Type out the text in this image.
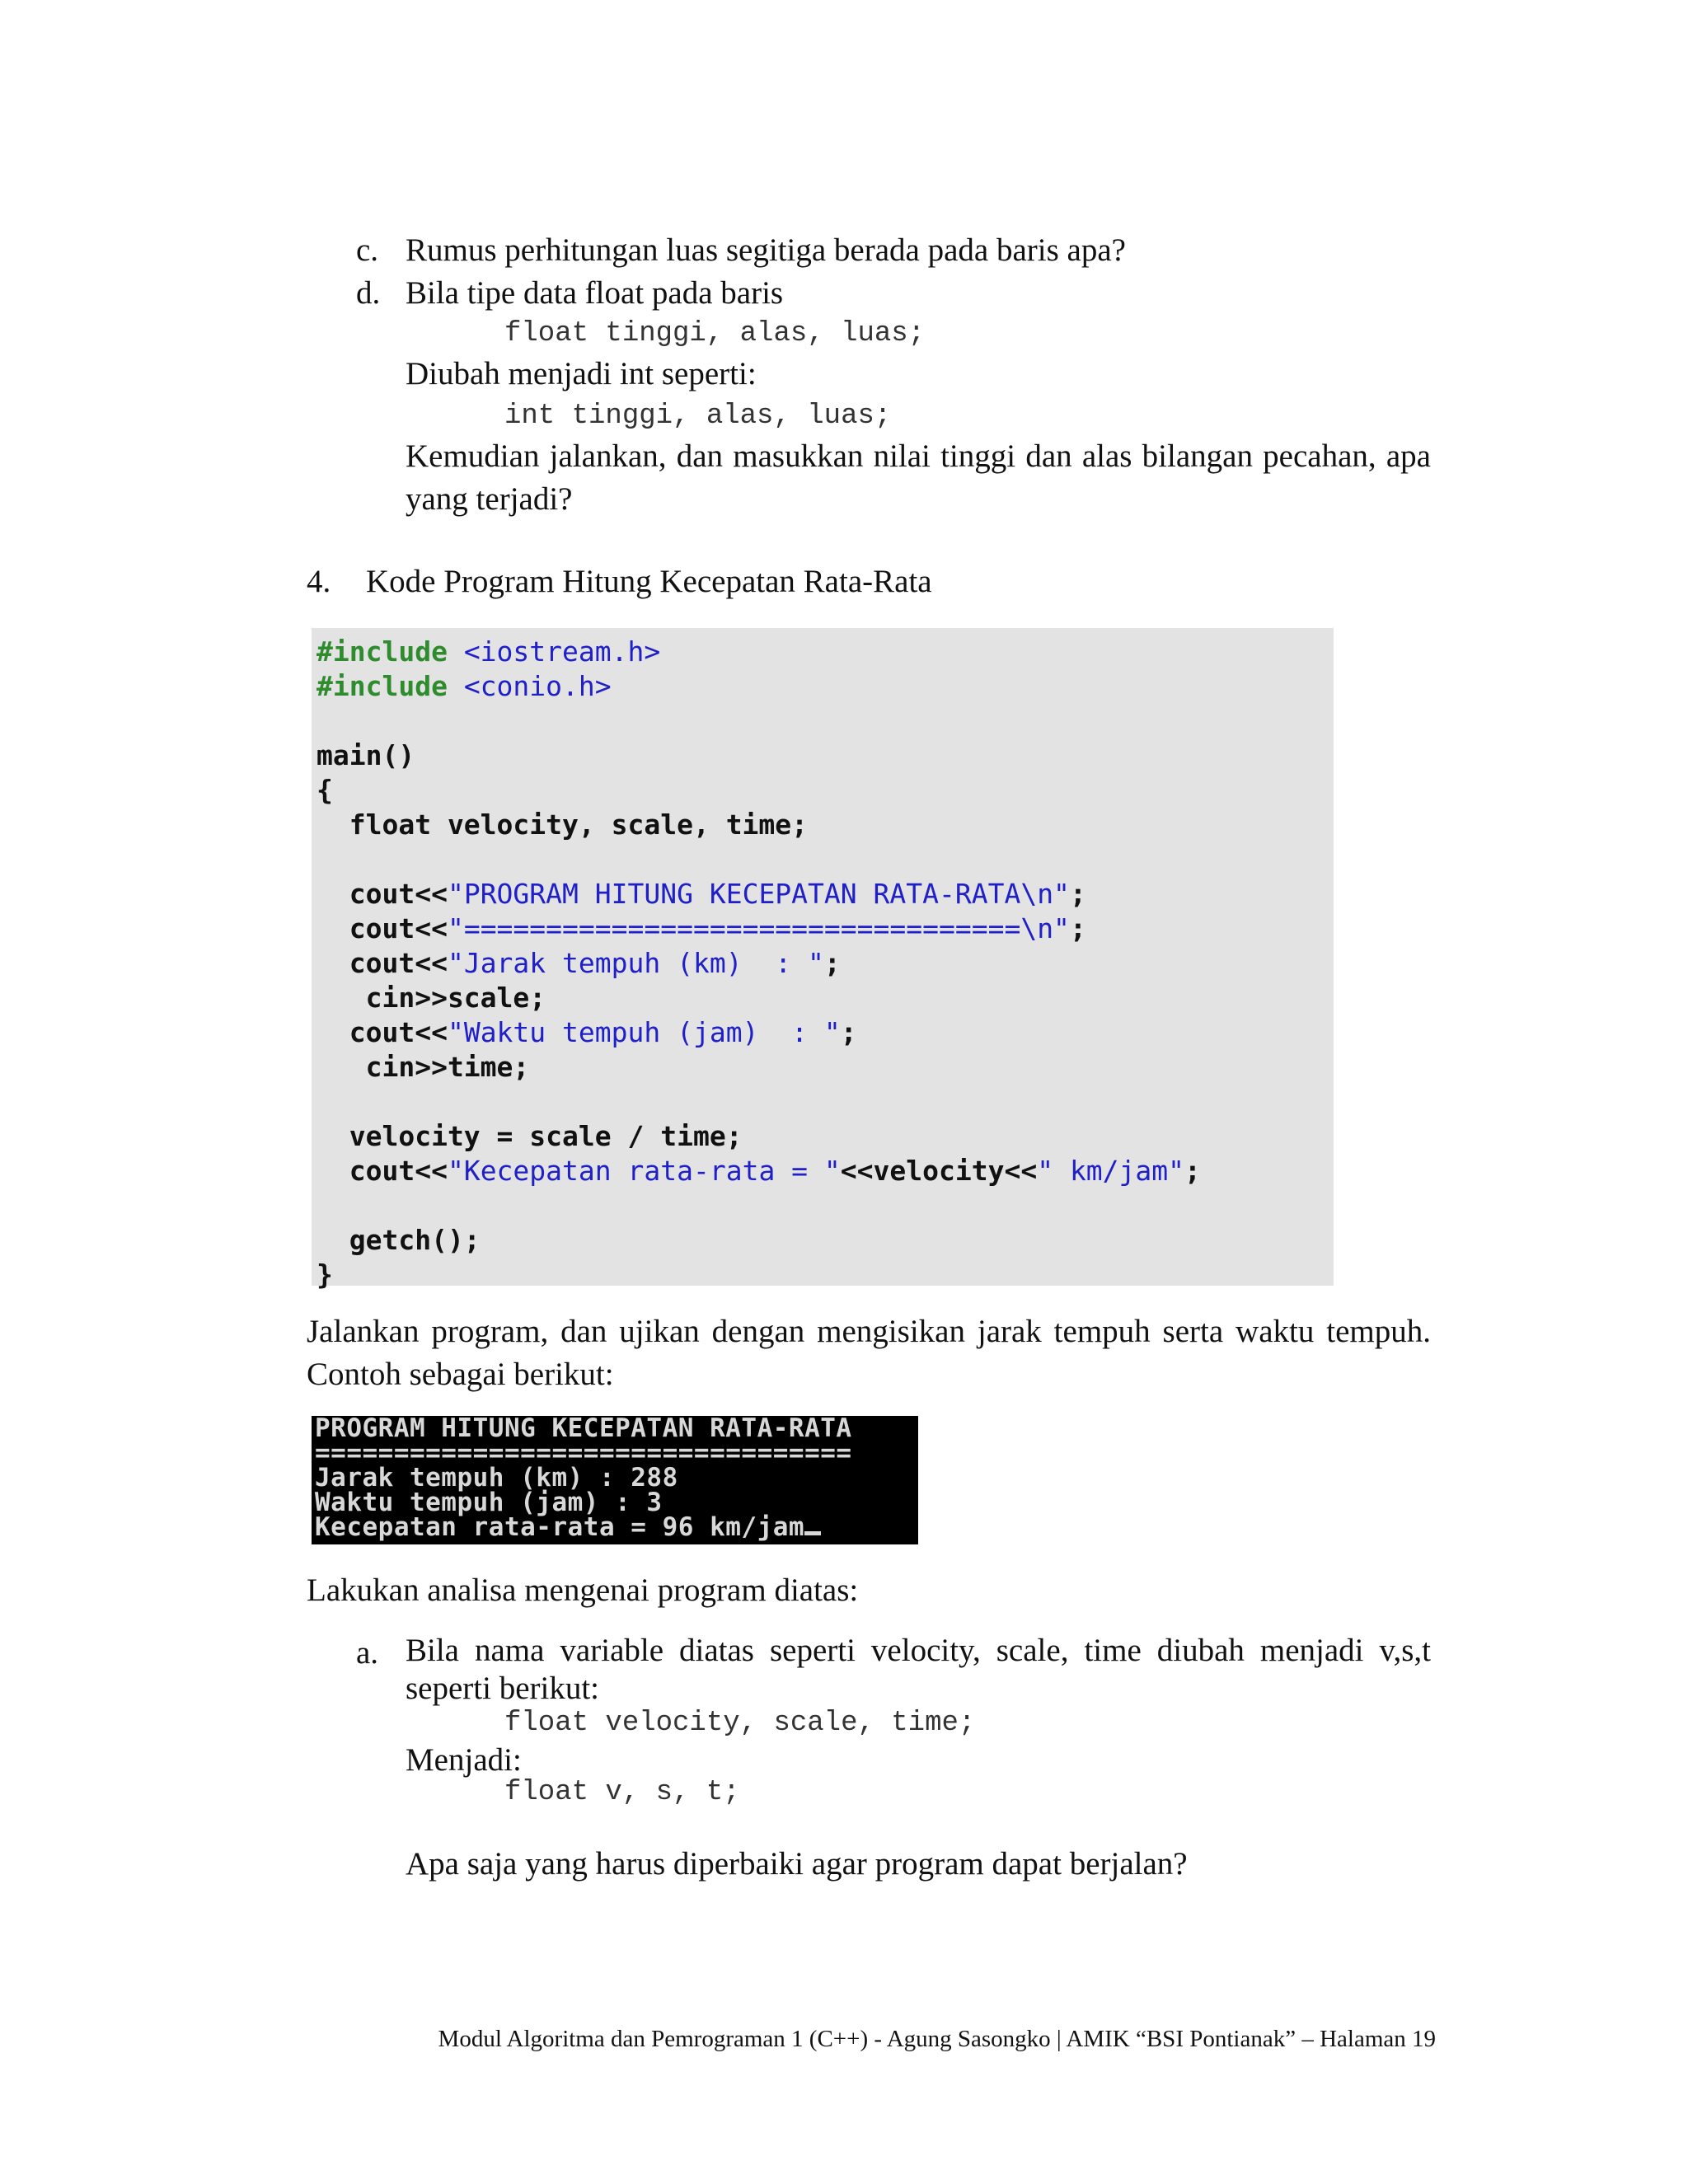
c. Rumus perhitungan luas segitiga berada pada baris apa?
d. Bila tipe data float pada baris
float tinggi, alas, luas;
Diubah menjadi int seperti:
int tinggi, alas, luas;
Kemudian jalankan, dan masukkan nilai tinggi dan alas bilangan pecahan, apa yang terjadi?
4. Kode Program Hitung Kecepatan Rata-Rata
#include <iostream.h>
#include <conio.h>
main()
{
float velocity, scale, time;
cout<<"PROGRAM HITUNG KECEPATAN RATA-RATA\n";
cout<<"==================================\n";
cout<<"Jarak tempuh (km)  : ";
cin>>scale;
cout<<"Waktu tempuh (jam)  : ";
cin>>time;
velocity = scale / time;
cout<<"Kecepatan rata-rata = "<<velocity<<" km/jam";
getch();
}
Jalankan program, dan ujikan dengan mengisikan jarak tempuh serta waktu tempuh. Contoh sebagai berikut:
PROGRAM HITUNG KECEPATAN RATA-RATA
==================================
Jarak tempuh (km) : 288
Waktu tempuh (jam) : 3
Kecepatan rata-rata = 96 km/jam
Lakukan analisa mengenai program diatas:
a. Bila nama variable diatas seperti velocity, scale, time diubah menjadi v,s,t seperti berikut:
float velocity, scale, time;
Menjadi:
float v, s, t;
Apa saja yang harus diperbaiki agar program dapat berjalan?
Modul Algoritma dan Pemrograman 1 (C++) - Agung Sasongko | AMIK “BSI Pontianak” – Halaman 19
